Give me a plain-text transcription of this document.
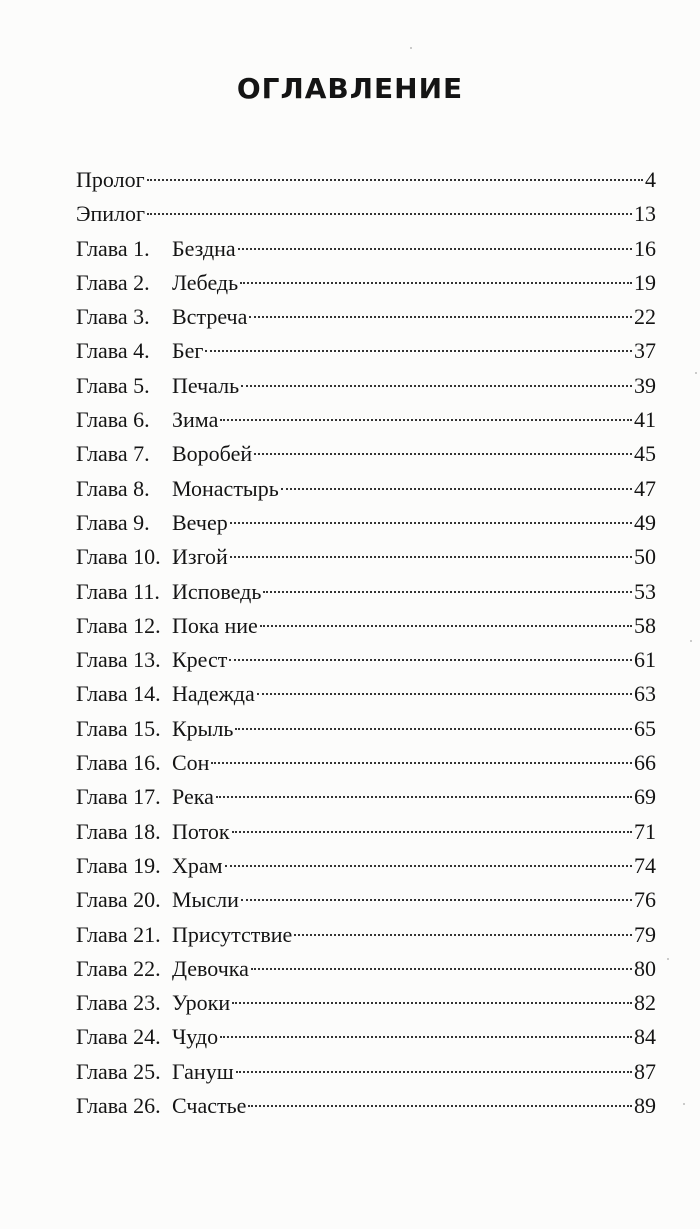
ОГЛАВЛЕНИЕ
Пролог	4
Эпилог	13
Глава 1. Бездна	16
Глава 2. Лебедь	19
Глава 3. Встреча	22
Глава 4. Бег	37
Глава 5. Печаль	39
Глава 6. Зима	41
Глава 7. Воробей	45
Глава 8. Монастырь	47
Глава 9. Вечер	49
Глава 10. Изгой	50
Глава 11. Исповедь	53
Глава 12. Пока ние	58
Глава 13. Крест	61
Глава 14. Надежда	63
Глава 15. Крыль	65
Глава 16. Сон	66
Глава 17. Река	69
Глава 18. Поток	71
Глава 19. Храм	74
Глава 20. Мысли	76
Глава 21. Присутствие	79
Глава 22. Девочка	80
Глава 23. Уроки	82
Глава 24. Чудо	84
Глава 25. Гануш	87
Глава 26. Счастье	89
